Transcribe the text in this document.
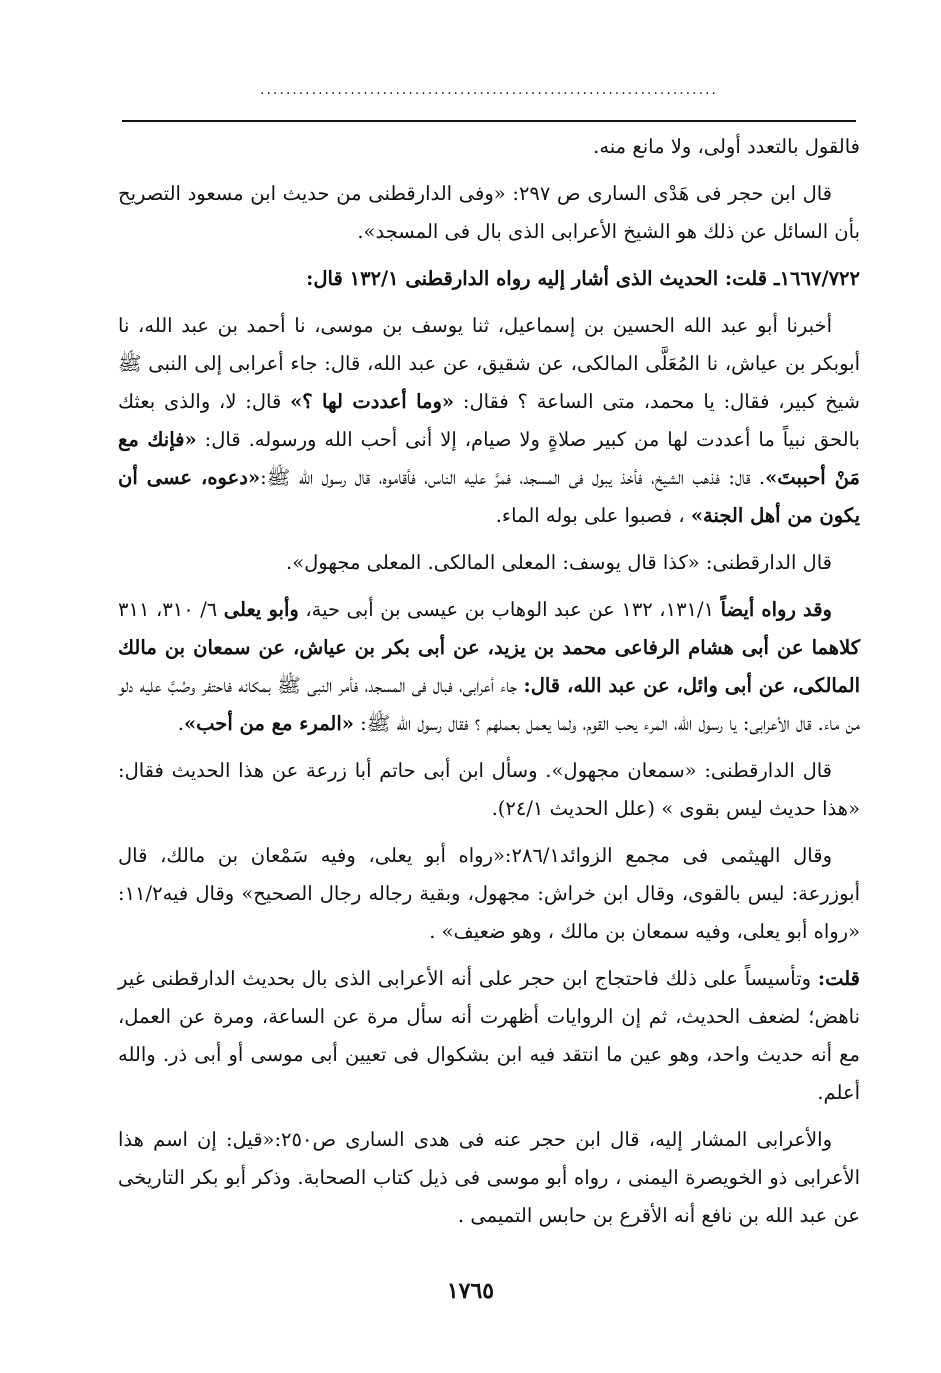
.......................................................................

فالقول بالتعدد أولى، ولا مانع منه.

قال ابن حجر فى هَدْى السارى ص ٢٩٧: «وفى الدارقطنى من حديث ابن مسعود التصريح بأن السائل عن ذلك هو الشيخ الأعرابى الذى بال فى المسجد».

١٦٦٧/٧٢٢ـ قلت: الحديث الذى أشار إليه رواه الدارقطنى ١٣٢/١ قال:

أخبرنا أبو عبد الله الحسين بن إسماعيل، ثنا يوسف بن موسى، نا أحمد بن عبد الله، نا أبوبكر بن عياش، نا المُعَلَّى المالكى، عن شقيق، عن عبد الله، قال: جاء أعرابى إلى النبى ﷺ شيخ كبير، فقال: يا محمد، متى الساعة ؟ فقال: «وما أعددت لها ؟» قال: لا، والذى بعثك بالحق نبياً ما أعددت لها من كبير صلاةٍ ولا صيام، إلا أنى أحب الله ورسوله. قال: «فإنك مع مَنْ أحببتَ». قال: فذهب الشيخ، فأخذ يبول فى المسجد، فمرَّ عليه الناس، فأقاموه، قال رسول الله ﷺ:«دعوه، عسى أن يكون من أهل الجنة» ، فصبوا على بوله الماء.

قال الدارقطنى: «كذا قال يوسف: المعلى المالكى. المعلى مجهول».

وقد رواه أيضاً ١٣١/١، ١٣٢ عن عبد الوهاب بن عيسى بن أبى حية، وأبو يعلى ٦/ ٣١٠، ٣١١ كلاهما عن أبى هشام الرفاعى محمد بن يزيد، عن أبى بكر بن عياش، عن سمعان بن مالك المالكى، عن أبى وائل، عن عبد الله، قال: جاء أعرابى، فبال فى المسجد، فأمر النبى ﷺ بمكانه فاحتفر وصُبَّ عليه دلو من ماء. قال الأعرابى: يا رسول الله، المرء يحب القوم، ولما يعمل بعملهم ؟ فقال رسول الله ﷺ: «المرء مع من أحب».

قال الدارقطنى: «سمعان مجهول». وسأل ابن أبى حاتم أبا زرعة عن هذا الحديث فقال: «هذا حديث ليس بقوى » (علل الحديث ٢٤/١).

وقال الهيثمى فى مجمع الزوائد٢٨٦/١:«رواه أبو يعلى، وفيه سَمْعان بن مالك، قال أبوزرعة: ليس بالقوى، وقال ابن خراش: مجهول، وبقية رجاله رجال الصحيح» وقال فيه١١/٢: «رواه أبو يعلى، وفيه سمعان بن مالك ، وهو ضعيف» .

قلت: وتأسيساً على ذلك فاحتجاج ابن حجر على أنه الأعرابى الذى بال بحديث الدارقطنى غير ناهض؛ لضعف الحديث، ثم إن الروايات أظهرت أنه سأل مرة عن الساعة، ومرة عن العمل، مع أنه حديث واحد، وهو عين ما انتقد فيه ابن بشكوال فى تعيين أبى موسى أو أبى ذر. والله أعلم.

والأعرابى المشار إليه، قال ابن حجر عنه فى هدى السارى ص٢٥٠:«قيل: إن اسم هذا الأعرابى ذو الخويصرة اليمنى ، رواه أبو موسى فى ذيل كتاب الصحابة. وذكر أبو بكر التاريخى عن عبد الله بن نافع أنه الأقرع بن حابس التميمى .

١٧٦٥
